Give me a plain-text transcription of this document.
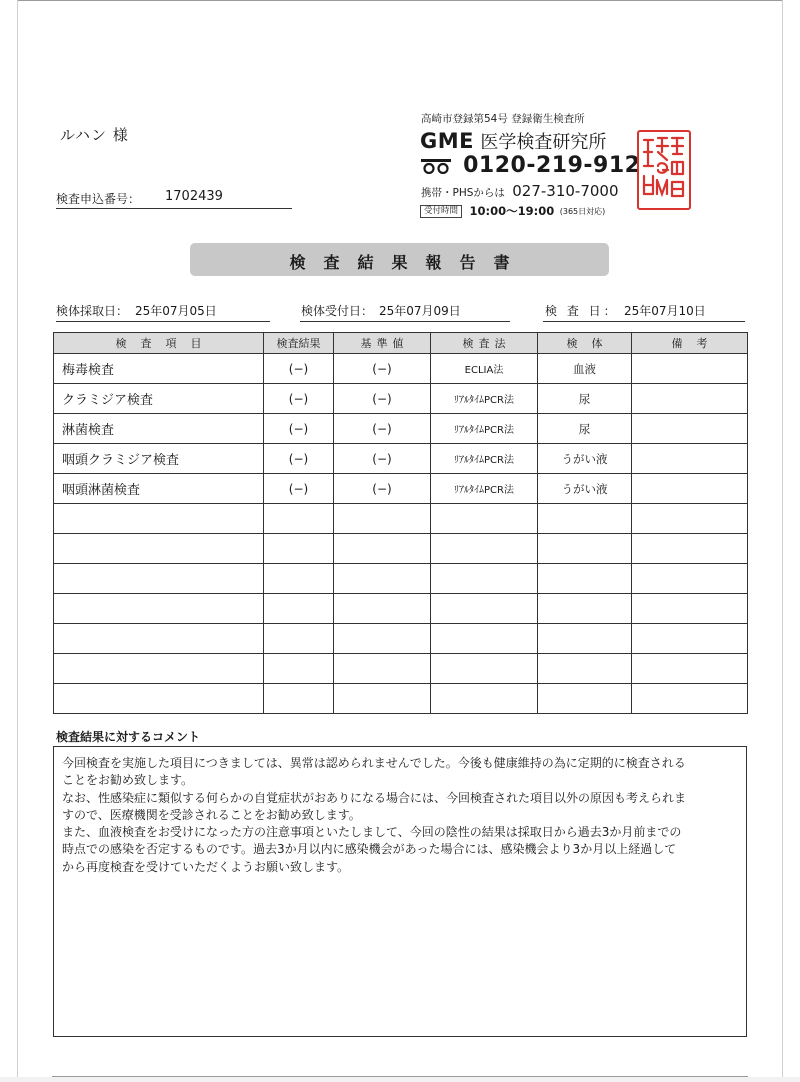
ルハン 様
検査申込番号： 1702439
高崎市登録第54号 登録衛生検査所
GME 医学検査研究所
0120-219-912
携帯・PHSからは 027-310-7000
受付時間 10:00〜19:00 (365日対応)
検査結果報告書
検体採取日： 25年07月05日	検体受付日： 25年07月09日	検 査 日： 25年07月10日
検査項目	検査結果	基準値	検査法	検体	備考
梅毒検査	(−)	(−)	ECLIA法	血液	
クラミジア検査	(−)	(−)	ﾘｱﾙﾀｲﾑPCR法	尿	
淋菌検査	(−)	(−)	ﾘｱﾙﾀｲﾑPCR法	尿	
咽頭クラミジア検査	(−)	(−)	ﾘｱﾙﾀｲﾑPCR法	うがい液	
咽頭淋菌検査	(−)	(−)	ﾘｱﾙﾀｲﾑPCR法	うがい液	

検査結果に対するコメント
今回検査を実施した項目につきましては、異常は認められませんでした。今後も健康維持の為に定期的に検査される
ことをお勧め致します。
なお、性感染症に類似する何らかの自覚症状がおありになる場合には、今回検査された項目以外の原因も考えられま
すので、医療機関を受診されることをお勧め致します。
また、血液検査をお受けになった方の注意事項といたしまして、今回の陰性の結果は採取日から過去3か月前までの
時点での感染を否定するものです。過去3か月以内に感染機会があった場合には、感染機会より3か月以上経過して
から再度検査を受けていただくようお願い致します。
